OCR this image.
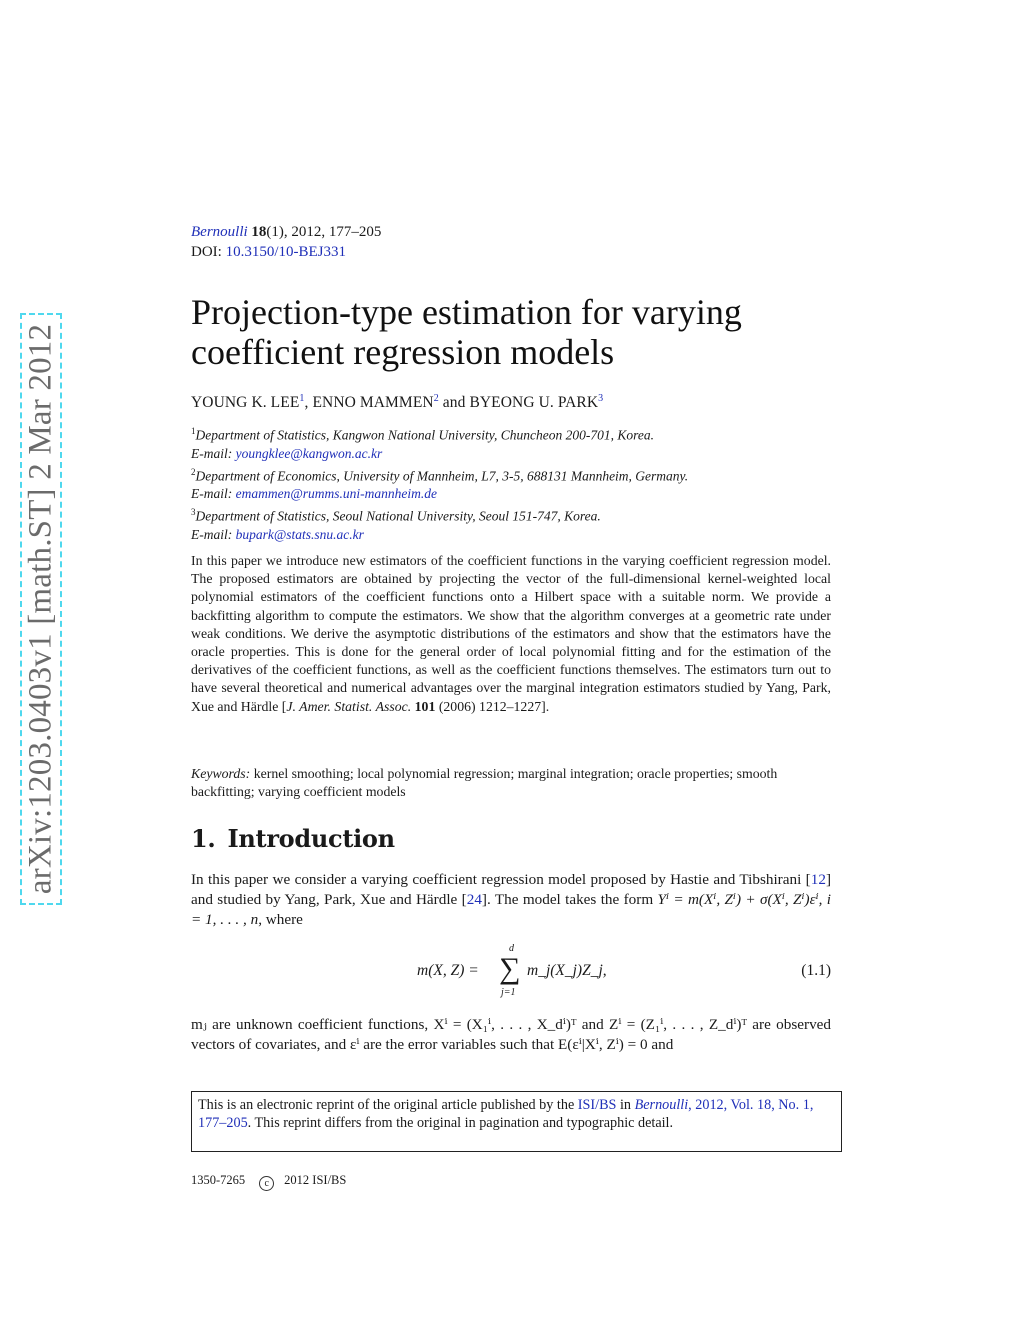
arXiv:1203.0403v1 [math.ST] 2 Mar 2012
Bernoulli 18(1), 2012, 177–205
DOI: 10.3150/10-BEJ331
Projection-type estimation for varying
coefficient regression models
YOUNG K. LEE$^1$, ENNO MAMMEN$^2$ and BYEONG U. PARK$^3$
$^1$Department of Statistics, Kangwon National University, Chuncheon 200-701, Korea.
E-mail: youngklee@kangwon.ac.kr
$^2$Department of Economics, University of Mannheim, L7, 3-5, 688131 Mannheim, Germany.
E-mail: emammen@rumms.uni-mannheim.de
$^3$Department of Statistics, Seoul National University, Seoul 151-747, Korea.
E-mail: bupark@stats.snu.ac.kr

In this paper we introduce new estimators of the coefficient functions in the varying coefficient regression model. The proposed estimators are obtained by projecting the vector of the full-dimensional kernel-weighted local polynomial estimators of the coefficient functions onto a Hilbert space with a suitable norm. We provide a backfitting algorithm to compute the estimators. We show that the algorithm converges at a geometric rate under weak conditions. We derive the asymptotic distributions of the estimators and show that the estimators have the oracle properties. This is done for the general order of local polynomial fitting and for the estimation of the derivatives of the coefficient functions, as well as the coefficient functions themselves. The estimators turn out to have several theoretical and numerical advantages over the marginal integration estimators studied by Yang, Park, Xue and Härdle [J. Amer. Statist. Assoc. 101 (2006) 1212–1227].

Keywords: kernel smoothing; local polynomial regression; marginal integration; oracle properties; smooth backfitting; varying coefficient models
1. Introduction

In this paper we consider a varying coefficient regression model proposed by Hastie and Tibshirani [12] and studied by Yang, Park, Xue and Härdle [24]. The model takes the form Yⁱ = m(Xⁱ, Zⁱ) + σ(Xⁱ, Zⁱ)εⁱ, i = 1, . . . , n, where

m(X, Z) =
d
∑
j=1
m_j(X_j)Z_j,	(1.1)

mⱼ are unknown coefficient functions, Xⁱ = (X₁ⁱ, . . . , X_dⁱ)ᵀ and Zⁱ = (Z₁ⁱ, . . . , Z_dⁱ)ᵀ are observed vectors of covariates, and εⁱ are the error variables such that E(εⁱ|Xⁱ, Zⁱ) = 0 and

This is an electronic reprint of the original article published by the ISI/BS in Bernoulli, 2012, Vol. 18, No. 1, 177–205. This reprint differs from the original in pagination and typographic detail.
1350-7265 c 2012 ISI/BS
